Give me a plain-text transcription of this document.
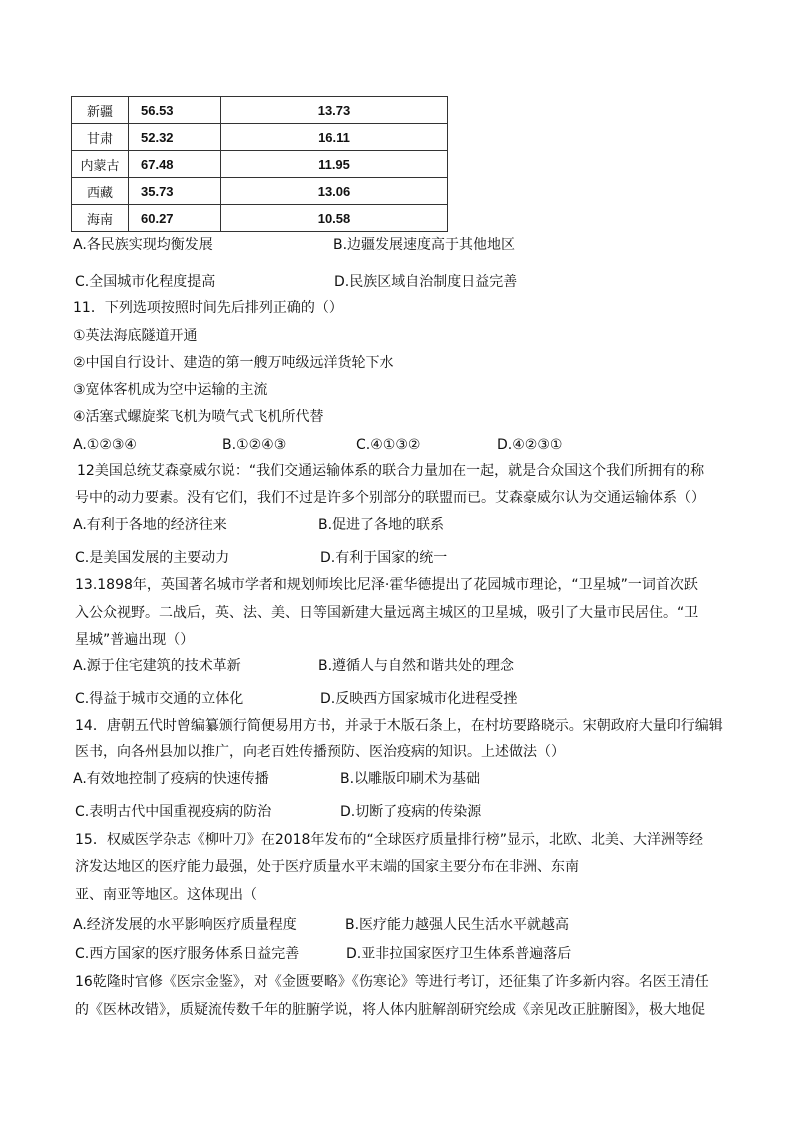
新疆	56.53	13.73
甘肃	52.32	16.11
内蒙古	67.48	11.95
西藏	35.73	13.06
海南	60.27	10.58
A.各民族实现均衡发展	B.边疆发展速度高于其他地区
C.全国城市化程度提高	D.民族区域自治制度日益完善
11．下列选项按照时间先后排列正确的（）
①英法海底隧道开通
②中国自行设计、建造的第一艘万吨级远洋货轮下水
③宽体客机成为空中运输的主流
④活塞式螺旋桨飞机为喷气式飞机所代替
A.①②③④	B.①②④③	C.④①③②	D.④②③①
12美国总统艾森豪威尔说：“我们交通运输体系的联合力量加在一起，就是合众国这个我们所拥有的称
号中的动力要素。没有它们，我们不过是许多个别部分的联盟而已。艾森豪威尔认为交通运输体系（）
A.有利于各地的经济往来	B.促进了各地的联系
C.是美国发展的主要动力	D.有利于国家的统一
13.1898年，英国著名城市学者和规划师埃比尼泽·霍华德提出了花园城市理论，“卫星城”一词首次跃
入公众视野。二战后，英、法、美、日等国新建大量远离主城区的卫星城，吸引了大量市民居住。“卫
星城”普遍出现（）
A.源于住宅建筑的技术革新	B.遵循人与自然和谐共处的理念
C.得益于城市交通的立体化	D.反映西方国家城市化进程受挫
14．唐朝五代时曾编纂颁行简便易用方书，并录于木版石条上，在村坊要路晓示。宋朝政府大量印行编辑
医书，向各州县加以推广，向老百姓传播预防、医治疫病的知识。上述做法（）
A.有效地控制了疫病的快速传播	B.以雕版印刷术为基础
C.表明古代中国重视疫病的防治	D.切断了疫病的传染源
15．权威医学杂志《柳叶刀》在2018年发布的“全球医疗质量排行榜”显示，北欧、北美、大洋洲等经
济发达地区的医疗能力最强，处于医疗质量水平末端的国家主要分布在非洲、东南
亚、南亚等地区。这体现出（
A.经济发展的水平影响医疗质量程度	B.医疗能力越强人民生活水平就越高
C.西方国家的医疗服务体系日益完善	D.亚非拉国家医疗卫生体系普遍落后
16乾隆时官修《医宗金鉴》，对《金匮要略》《伤寒论》等进行考订，还征集了许多新内容。名医王清任
的《医林改错》，质疑流传数千年的脏腑学说，将人体内脏解剖研究绘成《亲见改正脏腑图》，极大地促
